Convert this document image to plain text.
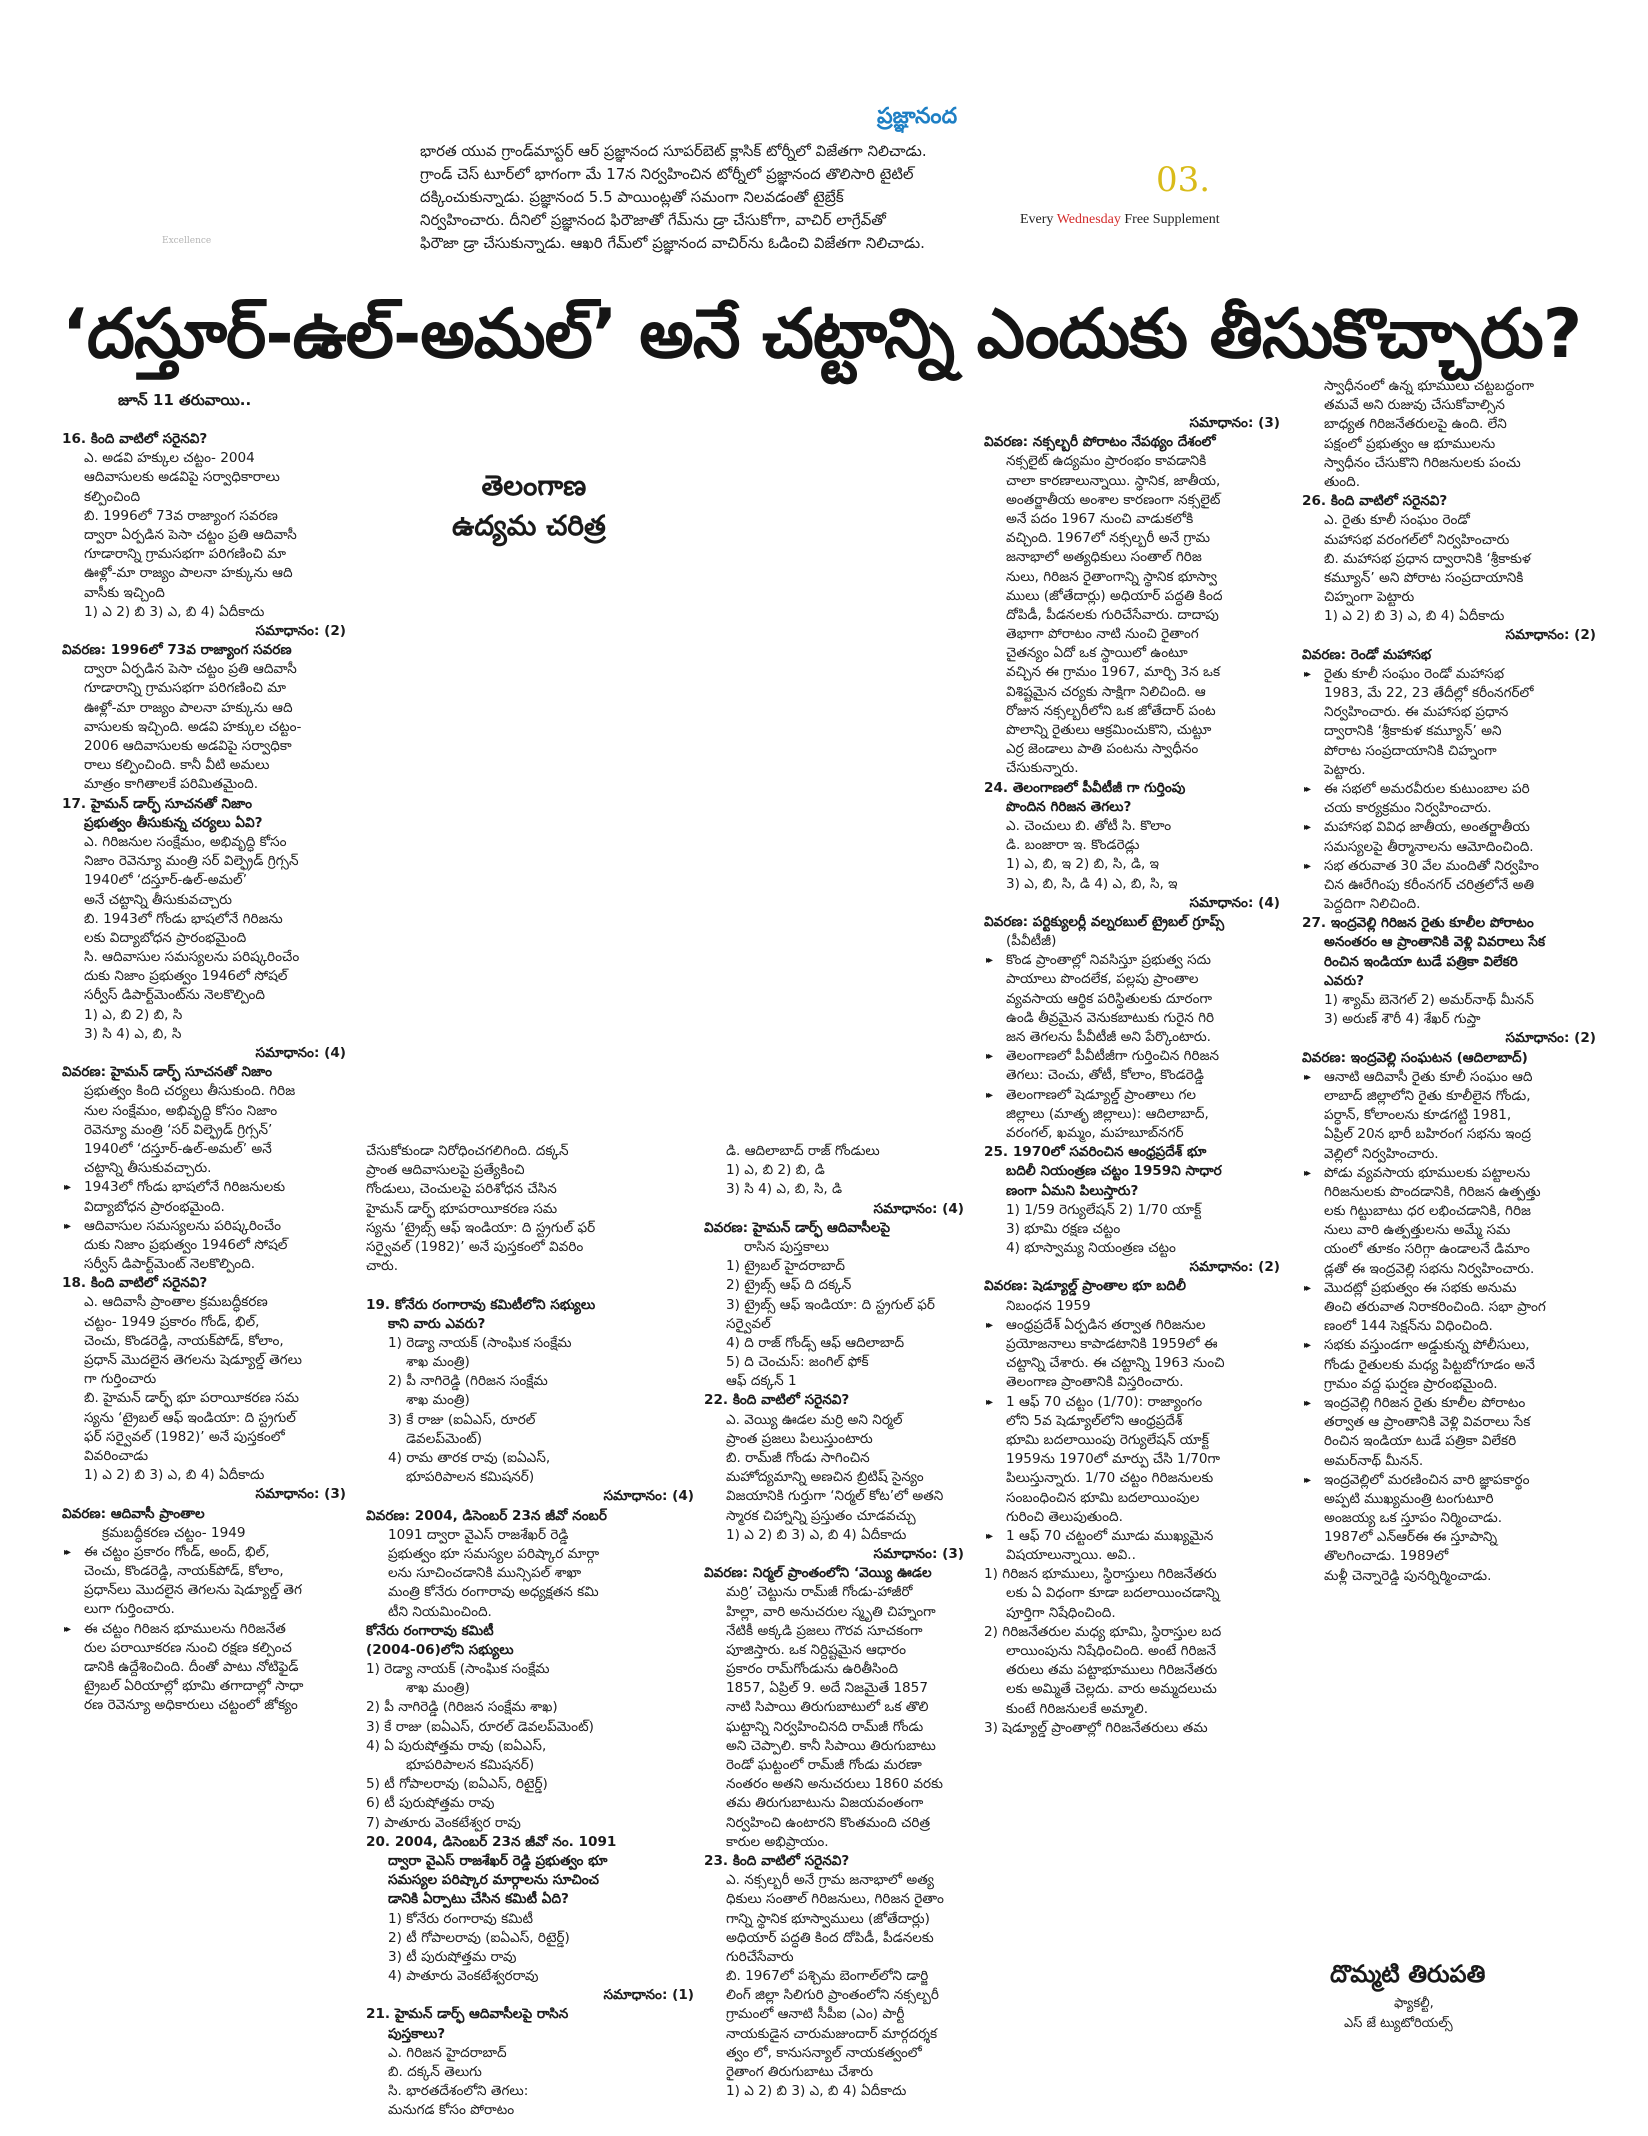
Excellence
ప్రజ్ఞానంద
భారత యువ గ్రాండ్‌మాస్టర్ ఆర్ ప్రజ్ఞానంద సూపర్‌బెట్ క్లాసిక్ టోర్నీలో విజేతగా నిలిచాడు.
గ్రాండ్ చెస్ టూర్‌లో భాగంగా మే 17న నిర్వహించిన టోర్నీలో ప్రజ్ఞానంద తొలిసారి టైటిల్
దక్కించుకున్నాడు. ప్రజ్ఞానంద 5.5 పాయింట్లతో సమంగా నిలవడంతో టైబ్రేక్
నిర్వహించారు. దీనిలో ప్రజ్ఞానంద ఫిరౌజాతో గేమ్‌ను డ్రా చేసుకోగా, వాచిర్ లాగ్రేవ్‌తో
ఫిరౌజా డ్రా చేసుకున్నాడు. ఆఖరి గేమ్‌లో ప్రజ్ఞానంద వాచిర్‌ను ఓడించి విజేతగా నిలిచాడు.
03.
Every Wednesday Free Supplement
‘దస్తూర్-ఉల్-అమల్’ అనే చట్టాన్ని ఎందుకు తీసుకొచ్చారు?
జూన్ 11 తరువాయి..
తెలంగాణ
ఉద్యమ చరిత్ర
16. కింది వాటిలో సరైనవి?
ఎ. అడవి హక్కుల చట్టం- 2004
ఆదివాసులకు అడవిపై సర్వాధికారాలు
కల్పించింది
బి. 1996లో 73వ రాజ్యాంగ సవరణ
ద్వారా ఏర్పడిన పెసా చట్టం ప్రతి ఆదివాసీ
గూడారాన్ని గ్రామసభగా పరిగణించి మా
ఊళ్లో-మా రాజ్యం పాలనా హక్కును ఆది
వాసీకు ఇచ్చింది
1) ఎ 2) బి 3) ఎ, బి 4) ఏదీకాదు
సమాధానం: (2)
వివరణ: 1996లో 73వ రాజ్యాంగ సవరణ
ద్వారా ఏర్పడిన పెసా చట్టం ప్రతి ఆదివాసీ
గూడారాన్ని గ్రామసభగా పరిగణించి మా
ఊళ్లో-మా రాజ్యం పాలనా హక్కును ఆది
వాసులకు ఇచ్చింది. అడవి హక్కుల చట్టం-
2006 ఆదివాసులకు అడవిపై సర్వాధికా
రాలు కల్పించింది. కానీ వీటి అమలు
మాత్రం కాగితాలకే పరిమితమైంది.
17. హైమన్ డార్ఫ్ సూచనతో నిజాం
ప్రభుత్వం తీసుకున్న చర్యలు ఏవి?
ఎ. గిరిజనుల సంక్షేమం, అభివృద్ధి కోసం
నిజాం రెవెన్యూ మంత్రి సర్ విల్ఫ్రెడ్ గ్రిగ్సన్
1940లో ‘దస్తూర్-ఉల్-అమల్’
అనే చట్టాన్ని తీసుకువచ్చారు
బి. 1943లో గోండు భాషలోనే గిరిజను
లకు విద్యాబోధన ప్రారంభమైంది
సి. ఆదివాసుల సమస్యలను పరిష్కరించేం
దుకు నిజాం ప్రభుత్వం 1946లో సోషల్
సర్వీస్ డిపార్ట్‌మెంట్‌ను నెలకొల్పింది
1) ఎ, బి 2) బి, సి
3) సి 4) ఎ, బి, సి
సమాధానం: (4)
వివరణ: హైమన్ డార్ఫ్ సూచనతో నిజాం
ప్రభుత్వం కింది చర్యలు తీసుకుంది. గిరిజ
నుల సంక్షేమం, అభివృద్ధి కోసం నిజాం
రెవెన్యూ మంత్రి ‘సర్ విల్ఫ్రెడ్ గ్రిగ్సన్’
1940లో ‘దస్తూర్-ఉల్-అమల్’ అనే
చట్టాన్ని తీసుకువచ్చారు.
▸▸ 1943లో గోండు భాషలోనే గిరిజనులకు
విద్యాబోధన ప్రారంభమైంది.
▸▸ ఆదివాసుల సమస్యలను పరిష్కరించేం
దుకు నిజాం ప్రభుత్వం 1946లో సోషల్
సర్వీస్ డిపార్ట్‌మెంట్ నెలకొల్పింది.
18. కింది వాటిలో సరైనవి?
ఎ. ఆదివాసీ ప్రాంతాల క్రమబద్ధీకరణ
చట్టం- 1949 ప్రకారం గోండ్, భిల్,
చెంచు, కొండరెడ్డి, నాయక్‌పోడ్, కోలాం,
ప్రధాన్ మొదలైన తెగలను షెడ్యూల్డ్ తెగలు
గా గుర్తించారు
బి. హైమన్ డార్ఫ్ భూ పరాయీకరణ సమ
స్యను ‘ట్రైబల్ ఆఫ్ ఇండియా: ది స్ట్రగుల్
ఫర్ సర్వైవల్ (1982)’ అనే పుస్తకంలో
వివరించాడు
1) ఎ 2) బి 3) ఎ, బి 4) ఏదీకాదు
సమాధానం: (3)
వివరణ: ఆదివాసీ ప్రాంతాల
క్రమబద్ధీకరణ చట్టం- 1949
▸▸ ఈ చట్టం ప్రకారం గోండ్, అంద్, భిల్,
చెంచు, కొండరెడ్డి, నాయక్‌పోడ్, కోలాం,
ప్రధాన్‌లు మొదలైన తెగలను షెడ్యూల్డ్ తెగ
లుగా గుర్తించారు.
▸▸ ఈ చట్టం గిరిజన భూములను గిరిజనేత
రుల పరాయీకరణ నుంచి రక్షణ కల్పించ
డానికి ఉద్దేశించింది. దీంతో పాటు నోటిఫైడ్
ట్రైబల్ ఏరియాల్లో భూమి తగాదాల్లో సాధా
రణ రెవెన్యూ అధికారులు చట్టంలో జోక్యం
చేసుకోకుండా నిరోధించగలిగింది. దక్కన్
ప్రాంత ఆదివాసులపై ప్రత్యేకించి
గోండులు, చెంచులపై పరిశోధన చేసిన
హైమన్ డార్ఫ్ భూపరాయీకరణ సమ
స్యను ‘ట్రైబ్స్ ఆఫ్ ఇండియా: ది స్ట్రగుల్ ఫర్
సర్వైవల్ (1982)’ అనే పుస్తకంలో వివరిం
చారు.
19. కోనేరు రంగారావు కమిటీలోని సభ్యులు
కాని వారు ఎవరు?
1) రెడ్యా నాయక్ (సాంఘిక సంక్షేమ
శాఖ మంత్రి)
2) పీ నాగిరెడ్డి (గిరిజన సంక్షేమ
శాఖ మంత్రి)
3) కే రాజు (ఐఏఎస్, రూరల్
డెవలప్‌మెంట్)
4) రామ తారక రావు (ఐఏఎస్,
భూపరిపాలన కమిషనర్)
సమాధానం: (4)
వివరణ: 2004, డిసెంబర్ 23న జీవో నంబర్
1091 ద్వారా వైఎస్ రాజశేఖర్ రెడ్డి
ప్రభుత్వం భూ సమస్యల పరిష్కార మార్గా
లను సూచించడానికి మున్సిపల్ శాఖా
మంత్రి కోనేరు రంగారావు అధ్యక్షతన కమి
టీని నియమించింది.
కోనేరు రంగారావు కమిటీ
(2004-06)లోని సభ్యులు
1) రెడ్యా నాయక్ (సాంఘిక సంక్షేమ
శాఖ మంత్రి)
2) పీ నాగిరెడ్డి (గిరిజన సంక్షేమ శాఖ)
3) కే రాజు (ఐఏఎస్, రూరల్ డెవలప్‌మెంట్)
4) ఏ పురుషోత్తమ రావు (ఐఏఎస్,
భూపరిపాలన కమిషనర్)
5) టీ గోపాలరావు (ఐఏఎస్, రిటైర్డ్)
6) టీ పురుషోత్తమ రావు
7) పాతూరు వెంకటేశ్వర రావు
20. 2004, డిసెంబర్ 23న జీవో నం. 1091
ద్వారా వైఎస్ రాజశేఖర్ రెడ్డి ప్రభుత్వం భూ
సమస్యల పరిష్కార మార్గాలను సూచించ
డానికి ఏర్పాటు చేసిన కమిటీ ఏది?
1) కోనేరు రంగారావు కమిటీ
2) టీ గోపాలరావు (ఐఏఎస్, రిటైర్డ్)
3) టీ పురుషోత్తమ రావు
4) పాతూరు వెంకటేశ్వరరావు
సమాధానం: (1)
21. హైమన్ డార్ఫ్ ఆదివాసీలపై రాసిన
పుస్తకాలు?
ఎ. గిరిజన హైదరాబాద్
బి. దక్కన్ తెలుగు
సి. భారతదేశంలోని తెగలు:
మనుగడ కోసం పోరాటం
డి. ఆదిలాబాద్ రాజ్ గోండులు
1) ఎ, బి 2) బి, డి
3) సి 4) ఎ, బి, సి, డి
సమాధానం: (4)
వివరణ: హైమన్ డార్ఫ్ ఆదివాసీలపై
రాసిన పుస్తకాలు
1) ట్రైబల్ హైదరాబాద్
2) ట్రైబ్స్ ఆఫ్ ది దక్కన్
3) ట్రైబ్స్ ఆఫ్ ఇండియా: ది స్ట్రగుల్ ఫర్
సర్వైవల్
4) ది రాజ్ గోండ్స్ ఆఫ్ ఆదిలాబాద్
5) ది చెంచుస్: జంగిల్ ఫోక్
ఆఫ్ దక్కన్ 1
22. కింది వాటిలో సరైనవి?
ఎ. వెయ్యి ఊడల మర్రి అని నిర్మల్
ప్రాంత ప్రజలు పిలుస్తుంటారు
బి. రామ్‌జీ గోండు సాగించిన
మహోద్యమాన్ని అణచిన బ్రిటిష్ సైన్యం
విజయానికి గుర్తుగా ‘నిర్మల్ కోట’లో అతని
స్మారక చిహ్నాన్ని ప్రస్తుతం చూడవచ్చు
1) ఎ 2) బి 3) ఎ, బి 4) ఏదీకాదు
సమాధానం: (3)
వివరణ: నిర్మల్ ప్రాంతంలోని ‘వెయ్యి ఊడల
మర్రి’ చెట్టును రామ్‌జీ గోండు-హాజీరో
హిల్లా, వారి అనుచరుల స్మృతి చిహ్నంగా
నేటికీ అక్కడి ప్రజలు గౌరవ సూచకంగా
పూజిస్తారు. ఒక నిర్దిష్టమైన ఆధారం
ప్రకారం రామ్‌గోండును ఉరితీసింది
1857, ఏప్రిల్ 9. అదే నిజమైతే 1857
నాటి సిపాయి తిరుగుబాటులో ఒక తొలి
ఘట్టాన్ని నిర్వహించినది రామ్‌జీ గోండు
అని చెప్పాలి. కానీ సిపాయి తిరుగుబాటు
రెండో ఘట్టంలో రామ్‌జీ గోండు మరణా
నంతరం అతని అనుచరులు 1860 వరకు
తమ తిరుగుబాటును విజయవంతంగా
నిర్వహించి ఉంటారని కొంతమంది చరిత్ర
కారుల అభిప్రాయం.
23. కింది వాటిలో సరైనవి?
ఎ. నక్సల్బరీ అనే గ్రామ జనాభాలో అత్య
ధికులు సంతాల్ గిరిజనులు, గిరిజన రైతాం
గాన్ని స్థానిక భూస్వాములు (జోతేదార్లు)
అధియార్ పద్ధతి కింద దోపిడీ, పీడనలకు
గురిచేసేవారు
బి. 1967లో పశ్చిమ బెంగాల్‌లోని డార్జి
లింగ్ జిల్లా సిలిగురి ప్రాంతంలోని నక్సల్బరీ
గ్రామంలో ఆనాటి సీపీఐ (ఎం) పార్టీ
నాయకుడైన చారుమజుందార్ మార్గదర్శక
త్వం లో, కానుసన్యాల్ నాయకత్వంలో
రైతాంగ తిరుగుబాటు చేశారు
1) ఎ 2) బి 3) ఎ, బి 4) ఏదీకాదు
సమాధానం: (3)
వివరణ: నక్సల్బరీ పోరాటం నేపథ్యం దేశంలో
నక్సలైట్ ఉద్యమం ప్రారంభం కావడానికి
చాలా కారణాలున్నాయి. స్థానిక, జాతీయ,
అంతర్జాతీయ అంశాల కారణంగా నక్సలైట్
అనే పదం 1967 నుంచి వాడుకలోకి
వచ్చింది. 1967లో నక్సల్బరీ అనే గ్రామ
జనాభాలో అత్యధికులు సంతాల్ గిరిజ
నులు, గిరిజన రైతాంగాన్ని స్థానిక భూస్వా
ములు (జోతేదార్లు) అధియార్ పద్ధతి కింద
దోపిడీ, పీడనలకు గురిచేసేవారు. దాదాపు
తెభాగా పోరాటం నాటి నుంచి రైతాంగ
చైతన్యం ఏదో ఒక స్థాయిలో ఉంటూ
వచ్చిన ఈ గ్రామం 1967, మార్చి 3న ఒక
విశిష్టమైన చర్యకు సాక్షిగా నిలిచింది. ఆ
రోజున నక్సల్బరీలోని ఒక జోతేదార్ పంట
పొలాన్ని రైతులు ఆక్రమించుకొని, చుట్టూ
ఎర్ర జెండాలు పాతి పంటను స్వాధీనం
చేసుకున్నారు.
24. తెలంగాణలో పీవీటీజీ గా గుర్తింపు
పొందిన గిరిజన తెగలు?
ఎ. చెంచులు బి. తోటీ సి. కొలాం
డి. బంజారా ఇ. కొండరెడ్లు
1) ఎ, బి, ఇ 2) బి, సి, డి, ఇ
3) ఎ, బి, సి, డి 4) ఎ, బి, సి, ఇ
సమాధానం: (4)
వివరణ: పర్టిక్యులర్లీ వల్నరబుల్ ట్రైబల్ గ్రూప్స్
(పీవీటీజీ)
▸▸ కొండ ప్రాంతాల్లో నివసిస్తూ ప్రభుత్వ సదు
పాయాలు పొందలేక, పల్లపు ప్రాంతాల
వ్యవసాయ ఆర్థిక పరిస్థితులకు దూరంగా
ఉండి తీవ్రమైన వెనుకబాటుకు గురైన గిరి
జన తెగలను పీవీటీజీ అని పేర్కొంటారు.
▸▸ తెలంగాణలో పీవీటీజీగా గుర్తించిన గిరిజన
తెగలు: చెంచు, తోటీ, కోలాం, కొండరెడ్డి
▸▸ తెలంగాణలో షెడ్యూల్డ్ ప్రాంతాలు గల
జిల్లాలు (మాతృ జిల్లాలు): ఆదిలాబాద్,
వరంగల్, ఖమ్మం, మహబూబ్‌నగర్
25. 1970లో సవరించిన ఆంధ్రప్రదేశ్ భూ
బదిలీ నియంత్రణ చట్టం 1959ని సాధార
ణంగా ఏమని పిలుస్తారు?
1) 1/59 రెగ్యులేషన్ 2) 1/70 యాక్ట్
3) భూమి రక్షణ చట్టం
4) భూస్వామ్య నియంత్రణ చట్టం
సమాధానం: (2)
వివరణ: షెడ్యూల్డ్ ప్రాంతాల భూ బదిలీ
నిబంధన 1959
▸▸ ఆంధ్రప్రదేశ్ ఏర్పడిన తర్వాత గిరిజనుల
ప్రయోజనాలు కాపాడటానికి 1959లో ఈ
చట్టాన్ని చేశారు. ఈ చట్టాన్ని 1963 నుంచి
తెలంగాణ ప్రాంతానికి విస్తరించారు.
▸▸ 1 ఆఫ్ 70 చట్టం (1/70): రాజ్యాంగం
లోని 5వ షెడ్యూల్‌లోని ఆంధ్రప్రదేశ్
భూమి బదలాయింపు రెగ్యులేషన్ యాక్ట్
1959ను 1970లో మార్పు చేసి 1/70గా
పిలుస్తున్నారు. 1/70 చట్టం గిరిజనులకు
సంబంధించిన భూమి బదలాయింపుల
గురించి తెలుపుతుంది.
▸▸ 1 ఆఫ్ 70 చట్టంలో మూడు ముఖ్యమైన
విషయాలున్నాయి. అవి..
1) గిరిజన భూములు, స్థిరాస్తులు గిరిజనేతరు
లకు ఏ విధంగా కూడా బదలాయించడాన్ని
పూర్తిగా నిషేధించింది.
2) గిరిజనేతరుల మధ్య భూమి, స్థిరాస్తుల బద
లాయింపును నిషేధించింది. అంటే గిరిజనే
తరులు తమ పట్టాభూములు గిరిజనేతరు
లకు అమ్మితే చెల్లదు. వారు అమ్మదలుచు
కుంటే గిరిజనులకే అమ్మాలి.
3) షెడ్యూల్డ్ ప్రాంతాల్లో గిరిజనేతరులు తమ
స్వాధీనంలో ఉన్న భూములు చట్టబద్ధంగా
తమవే అని రుజువు చేసుకోవాల్సిన
బాధ్యత గిరిజనేతరులపై ఉంది. లేని
పక్షంలో ప్రభుత్వం ఆ భూములను
స్వాధీనం చేసుకొని గిరిజనులకు పంచు
తుంది.
26. కింది వాటిలో సరైనవి?
ఎ. రైతు కూలీ సంఘం రెండో
మహాసభ వరంగల్‌లో నిర్వహించారు
బి. మహాసభ ప్రధాన ద్వారానికి ‘శ్రీకాకుళ
కమ్యూన్’ అని పోరాట సంప్రదాయానికి
చిహ్నంగా పెట్టారు
1) ఎ 2) బి 3) ఎ, బి 4) ఏదీకాదు
సమాధానం: (2)
వివరణ: రెండో మహాసభ
▸▸ రైతు కూలీ సంఘం రెండో మహాసభ
1983, మే 22, 23 తేదీల్లో కరీంనగర్‌లో
నిర్వహించారు. ఈ మహాసభ ప్రధాన
ద్వారానికి ‘శ్రీకాకుళ కమ్యూన్’ అని
పోరాట సంప్రదాయానికి చిహ్నంగా
పెట్టారు.
▸▸ ఈ సభలో అమరవీరుల కుటుంబాల పరి
చయ కార్యక్రమం నిర్వహించారు.
▸▸ మహాసభ వివిధ జాతీయ, అంతర్జాతీయ
సమస్యలపై తీర్మానాలను ఆమోదించింది.
▸▸ సభ తరువాత 30 వేల మందితో నిర్వహిం
చిన ఊరేగింపు కరీంనగర్ చరిత్రలోనే అతి
పెద్దదిగా నిలిచింది.
27. ఇంద్రవెల్లి గిరిజన రైతు కూలీల పోరాటం
అనంతరం ఆ ప్రాంతానికి వెళ్లి వివరాలు సేక
రించిన ఇండియా టుడే పత్రికా విలేకరి
ఎవరు?
1) శ్యామ్ బెనెగల్ 2) అమర్‌నాథ్ మీనన్
3) అరుణ్ శౌరీ 4) శేఖర్ గుప్తా
సమాధానం: (2)
వివరణ: ఇంద్రవెల్లి సంఘటన (ఆదిలాబాద్)
▸▸ ఆనాటి ఆదివాసీ రైతు కూలీ సంఘం ఆది
లాబాద్ జిల్లాలోని రైతు కూలీలైన గోండు,
పర్ధాన్, కోలాంలను కూడగట్టి 1981,
ఏప్రిల్ 20న భారీ బహిరంగ సభను ఇంద్ర
వెల్లిలో నిర్వహించారు.
▸▸ పోడు వ్యవసాయ భూములకు పట్టాలను
గిరిజనులకు పొందడానికి, గిరిజన ఉత్పత్తు
లకు గిట్టుబాటు ధర లభించడానికి, గిరిజ
నులు వారి ఉత్పత్తులను అమ్మే సమ
యంలో తూకం సరిగ్గా ఉండాలనే డిమాం
డ్లతో ఈ ఇంద్రవెల్లి సభను నిర్వహించారు.
▸▸ మొదట్లో ప్రభుత్వం ఈ సభకు అనుమ
తించి తరువాత నిరాకరించింది. సభా ప్రాంగ
ణంలో 144 సెక్షన్‌ను విధించింది.
▸▸ సభకు వస్తుండగా అడ్డుకున్న పోలీసులు,
గోండు రైతులకు మధ్య పిట్టబోగూడం అనే
గ్రామం వద్ద ఘర్షణ ప్రారంభమైంది.
▸▸ ఇంద్రవెల్లి గిరిజన రైతు కూలీల పోరాటం
తర్వాత ఆ ప్రాంతానికి వెళ్లి వివరాలు సేక
రించిన ఇండియా టుడే పత్రికా విలేకరి
అమర్‌నాథ్ మీనన్.
▸▸ ఇంద్రవెల్లిలో మరణించిన వారి జ్ఞాపకార్థం
అప్పటి ముఖ్యమంత్రి టంగుటూరి
అంజయ్య ఒక స్తూపం నిర్మించాడు.
1987లో ఎన్‌ఆర్‌ఈ ఈ స్తూపాన్ని
తొలగించాడు. 1989లో
మళ్లీ చెన్నారెడ్డి పునర్నిర్మించాడు.
దొమ్మటి తిరుపతి
ఫ్యాకల్టీ,
ఎస్ జే ట్యుటోరియల్స్
